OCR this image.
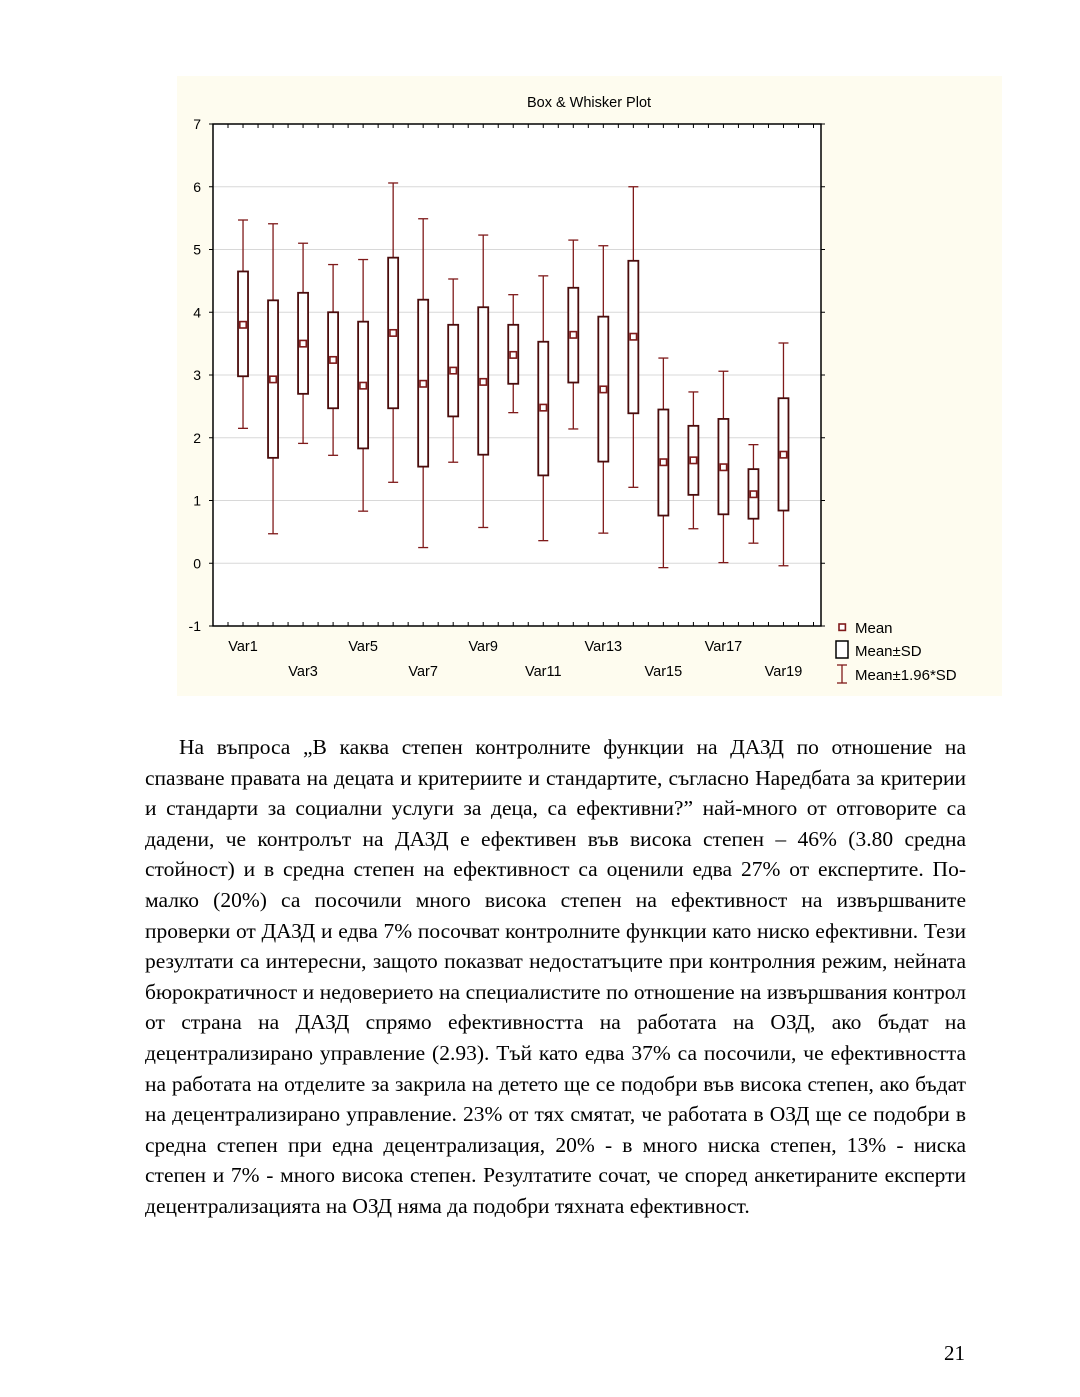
Box & Whisker Plot
-1
0
1
2
3
4
5
6
7
Var1	Var5	Var9	Var13	Var17
Var3	Var7	Var11	Var15	Var19
Mean
Mean±SD
Mean±1.96*SD

На въпроса „В каква степен контролните функции на ДАЗД по отношение на спазване правата на децата и критериите и стандартите, съгласно Наредбата за критерии и стандарти за социални услуги за деца, са ефективни?” най-много от отговорите са дадени, че контролът на ДАЗД е ефективен във висока степен – 46% (3.80 средна стойност) и в средна степен на ефективност са оценили едва 27% от експертите. По-малко (20%) са посочили много висока степен на ефективност на извършваните проверки от ДАЗД и едва 7% посочват контролните функции като ниско ефективни. Тези резултати са интересни, защото показват недостатъците при контролния режим, нейната бюрократичност и недоверието на специалистите по отношение на извършвания контрол от страна на ДАЗД спрямо ефективността на работата на ОЗД, ако бъдат на децентрализирано управление (2.93). Тъй като едва 37% са посочили, че ефективността на работата на отделите за закрила на детето ще се подобри във висока степен, ако бъдат на децентрализирано управление. 23% от тях смятат, че работата в ОЗД ще се подобри в средна степен при една децентрализация, 20% - в много ниска степен, 13% - ниска степен и 7% - много висока степен. Резултатите сочат, че според анкетираните експерти децентрализацията на ОЗД няма да подобри тяхната ефективност.

21
